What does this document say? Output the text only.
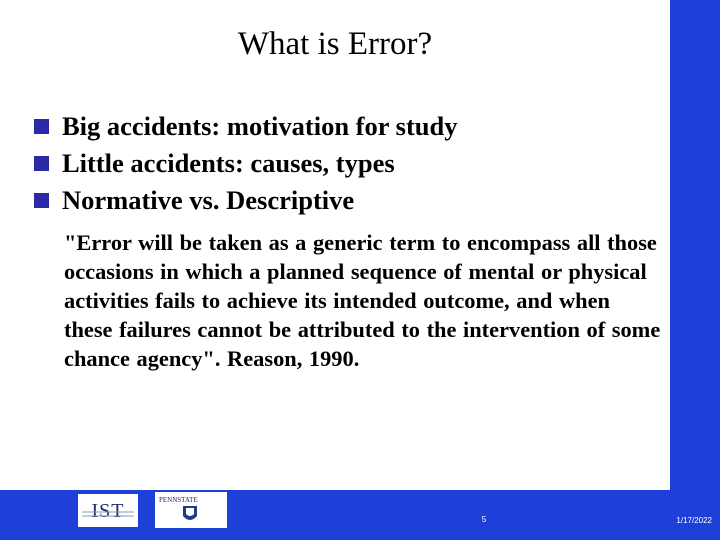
What is Error?
Big accidents: motivation for study
Little accidents: causes, types
Normative vs. Descriptive
"Error will be taken as a generic term to encompass all those occasions in which a planned sequence of mental or physical activities fails to achieve its intended outcome, and when these failures cannot be attributed to the intervention of some chance agency". Reason, 1990.
IST	PENNSTATE
5	1/17/2022
